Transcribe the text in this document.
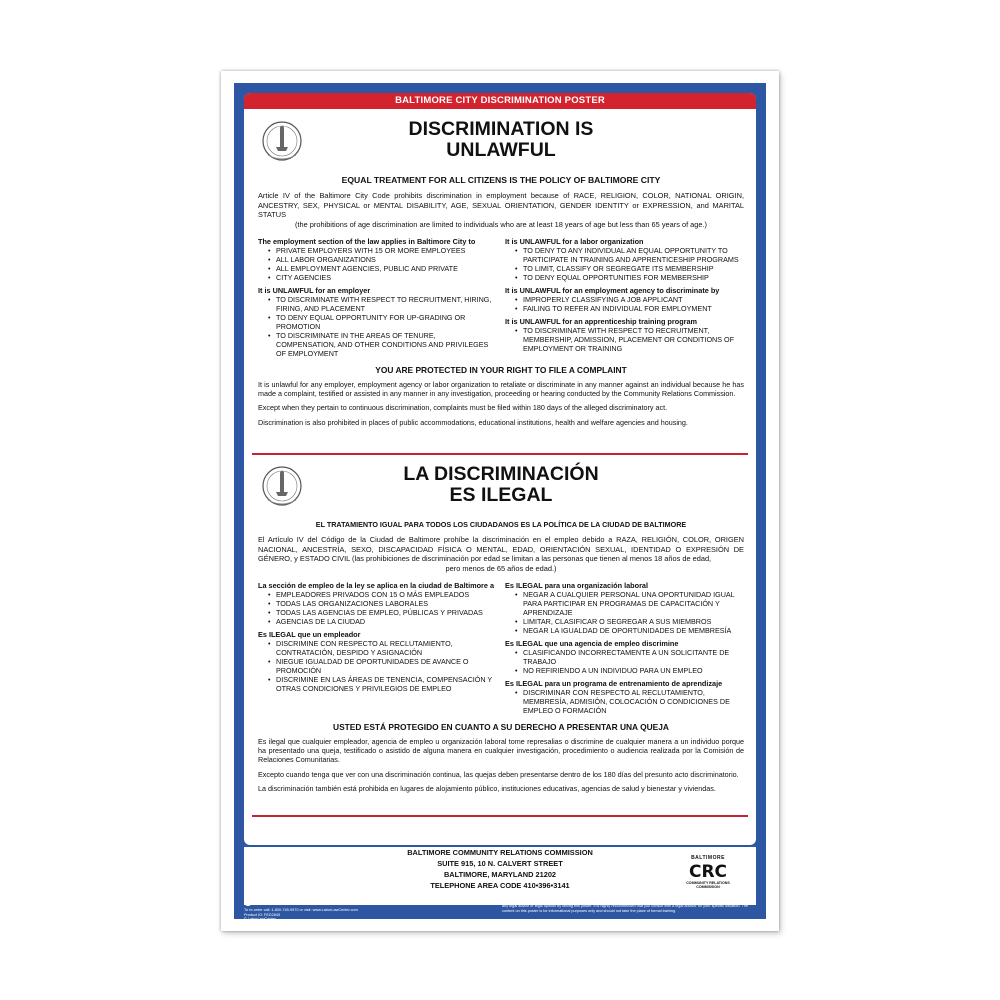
BALTIMORE CITY DISCRIMINATION POSTER
DISCRIMINATION IS
UNLAWFUL
EQUAL TREATMENT FOR ALL CITIZENS IS THE POLICY OF BALTIMORE CITY

Article IV of the Baltimore City Code prohibits discrimination in employment because of RACE, RELIGION, COLOR, NATIONAL ORIGIN, ANCESTRY, SEX, PHYSICAL or MENTAL DISABILITY, AGE, SEXUAL ORIENTATION, GENDER IDENTITY or EXPRESSION, and MARITAL STATUS
(the prohibitions of age discrimination are limited to individuals who are at least 18 years of age but less than 65 years of age.)

The employment section of the law applies in Baltimore City to
• PRIVATE EMPLOYERS WITH 15 OR MORE EMPLOYEES
• ALL LABOR ORGANIZATIONS
• ALL EMPLOYMENT AGENCIES, PUBLIC AND PRIVATE
• CITY AGENCIES
It is UNLAWFUL for an employer
• TO DISCRIMINATE WITH RESPECT TO RECRUITMENT, HIRING, FIRING, AND PLACEMENT
• TO DENY EQUAL OPPORTUNITY FOR UP-GRADING OR PROMOTION
• TO DISCRIMINATE IN THE AREAS OF TENURE, COMPENSATION, AND OTHER CONDITIONS AND PRIVILEGES OF EMPLOYMENT
It is UNLAWFUL for a labor organization
• TO DENY TO ANY INDIVIDUAL AN EQUAL OPPORTUNITY TO PARTICIPATE IN TRAINING AND APPRENTICESHIP PROGRAMS
• TO LIMIT, CLASSIFY OR SEGREGATE ITS MEMBERSHIP
• TO DENY EQUAL OPPORTUNITIES FOR MEMBERSHIP
It is UNLAWFUL for an employment agency to discriminate by
• IMPROPERLY CLASSIFYING A JOB APPLICANT
• FAILING TO REFER AN INDIVIDUAL FOR EMPLOYMENT
It is UNLAWFUL for an apprenticeship training program
• TO DISCRIMINATE WITH RESPECT TO RECRUITMENT, MEMBERSHIP, ADMISSION, PLACEMENT OR CONDITIONS OF EMPLOYMENT OR TRAINING
YOU ARE PROTECTED IN YOUR RIGHT TO FILE A COMPLAINT

It is unlawful for any employer, employment agency or labor organization to retaliate or discriminate in any manner against an individual because he has made a complaint, testified or assisted in any manner in any investigation, proceeding or hearing conducted by the Community Relations Commission.

Except when they pertain to continuous discrimination, complaints must be filed within 180 days of the alleged discriminatory act.

Discrimination is also prohibited in places of public accommodations, educational institutions, health and welfare agencies and housing.

LA DISCRIMINACIÓN
ES ILEGAL
EL TRATAMIENTO IGUAL PARA TODOS LOS CIUDADANOS ES LA POLÍTICA DE LA CIUDAD DE BALTIMORE

El Artículo IV del Código de la Ciudad de Baltimore prohíbe la discriminación en el empleo debido a RAZA, RELIGIÓN, COLOR, ORIGEN NACIONAL, ANCESTRÍA, SEXO, DISCAPACIDAD FÍSICA O MENTAL, EDAD, ORIENTACIÓN SEXUAL, IDENTIDAD O EXPRESIÓN DE GÉNERO, y ESTADO CIVIL (las prohibiciones de discriminación por edad se limitan a las personas que tienen al menos 18 años de edad,
pero menos de 65 años de edad.)

La sección de empleo de la ley se aplica en la ciudad de Baltimore a
• EMPLEADORES PRIVADOS CON 15 O MÁS EMPLEADOS
• TODAS LAS ORGANIZACIONES LABORALES
• TODAS LAS AGENCIAS DE EMPLEO, PÚBLICAS Y PRIVADAS
• AGENCIAS DE LA CIUDAD
Es ILEGAL que un empleador
• DISCRIMINE CON RESPECTO AL RECLUTAMIENTO, CONTRATACIÓN, DESPIDO Y ASIGNACIÓN
• NIEGUE IGUALDAD DE OPORTUNIDADES DE AVANCE O PROMOCIÓN
• DISCRIMINE EN LAS ÁREAS DE TENENCIA, COMPENSACIÓN Y OTRAS CONDICIONES Y PRIVILEGIOS DE EMPLEO
Es ILEGAL para una organización laboral
• NEGAR A CUALQUIER PERSONAL UNA OPORTUNIDAD IGUAL PARA PARTICIPAR EN PROGRAMAS DE CAPACITACIÓN Y APRENDIZAJE
• LIMITAR, CLASIFICAR O SEGREGAR A SUS MIEMBROS
• NEGAR LA IGUALDAD DE OPORTUNIDADES DE MEMBRESÍA
Es ILEGAL que una agencia de empleo discrimine
• CLASIFICANDO INCORRECTAMENTE A UN SOLICITANTE DE TRABAJO
• NO REFIRIENDO A UN INDIVIDUO PARA UN EMPLEO
Es ILEGAL para un programa de entrenamiento de aprendizaje
• DISCRIMINAR CON RESPECTO AL RECLUTAMIENTO, MEMBRESÍA, ADMISIÓN, COLOCACIÓN O CONDICIONES DE EMPLEO O FORMACIÓN
USTED ESTÁ PROTEGIDO EN CUANTO A SU DERECHO A PRESENTAR UNA QUEJA

Es ilegal que cualquier empleador, agencia de empleo u organización laboral tome represalias o discrimine de cualquier manera a un individuo porque ha presentado una queja, testificado o asistido de alguna manera en cualquier investigación, procedimiento o audiencia realizada por la Comisión de Relaciones Comunitarias.

Excepto cuando tenga que ver con una discriminación continua, las quejas deben presentarse dentro de los 180 días del presunto acto discriminatorio.

La discriminación también está prohibida en lugares de alojamiento público, instituciones educativas, agencias de salud y bienestar y viviendas.

BALTIMORE COMMUNITY RELATIONS COMMISSION
SUITE 915, 10 N. CALVERT STREET
BALTIMORE, MARYLAND 21202
TELEPHONE AREA CODE 410•396•3141
BALTIMORE
CRC
COMMUNITY RELATIONS COMMISSION
LaborLawCenter
To re-order call: 1-800-745-9970 or visit: www.LaborLawCenter.com
Product ID: FED2845
© LaborLawCenter
LaborLawCenter, Inc. does NOT assume responsibility for the use, actions, or decisions made by the employer. LaborLawCenter, Inc. is NOT providing any legal advice or legal opinion by selling this poster. It is highly recommended that you consult with a legal advisor for your specific situation. The content on this poster is for informational purposes only and should not take the place of formal training.
